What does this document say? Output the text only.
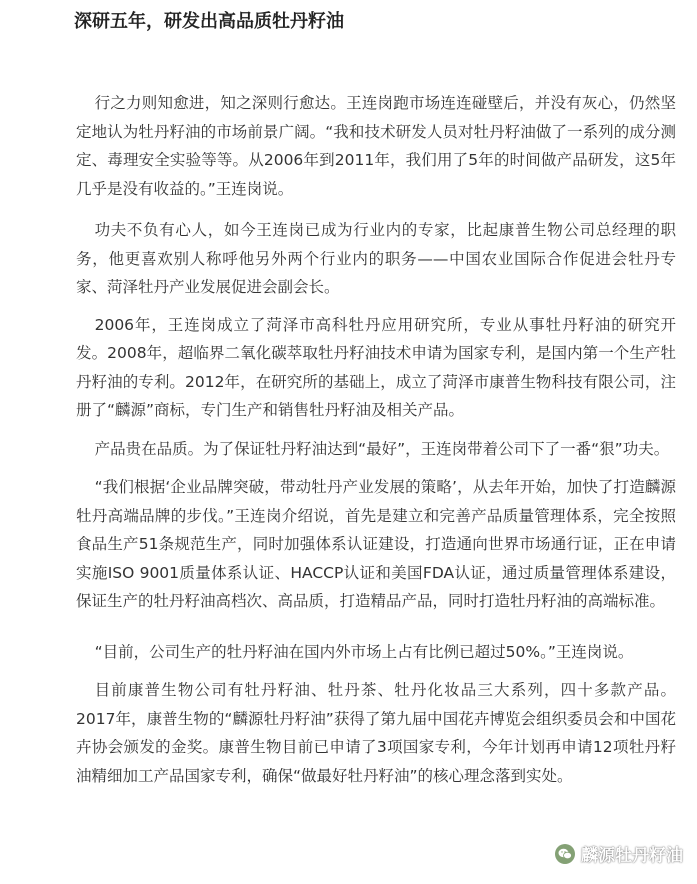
深研五年，研发出高品质牡丹籽油

行之力则知愈进，知之深则行愈达。王连岗跑市场连连碰壁后，并没有灰心，仍然坚定地认为牡丹籽油的市场前景广阔。“我和技术研发人员对牡丹籽油做了一系列的成分测定、毒理安全实验等等。从2006年到2011年，我们用了5年的时间做产品研发，这5年几乎是没有收益的。”王连岗说。

功夫不负有心人，如今王连岗已成为行业内的专家，比起康普生物公司总经理的职务，他更喜欢别人称呼他另外两个行业内的职务——中国农业国际合作促进会牡丹专家、菏泽牡丹产业发展促进会副会长。

2006年，王连岗成立了菏泽市高科牡丹应用研究所，专业从事牡丹籽油的研究开发。2008年，超临界二氧化碳萃取牡丹籽油技术申请为国家专利，是国内第一个生产牡丹籽油的专利。2012年，在研究所的基础上，成立了菏泽市康普生物科技有限公司，注册了“麟源”商标，专门生产和销售牡丹籽油及相关产品。

产品贵在品质。为了保证牡丹籽油达到“最好”，王连岗带着公司下了一番“狠”功夫。

“我们根据‘企业品牌突破，带动牡丹产业发展的策略’，从去年开始，加快了打造麟源牡丹高端品牌的步伐。”王连岗介绍说，首先是建立和完善产品质量管理体系，完全按照食品生产51条规范生产，同时加强体系认证建设，打造通向世界市场通行证，正在申请实施ISO 9001质量体系认证、HACCP认证和美国FDA认证，通过质量管理体系建设，保证生产的牡丹籽油高档次、高品质，打造精品产品，同时打造牡丹籽油的高端标准。

“目前，公司生产的牡丹籽油在国内外市场上占有比例已超过50%。”王连岗说。

目前康普生物公司有牡丹籽油、牡丹茶、牡丹化妆品三大系列，四十多款产品。2017年，康普生物的“麟源牡丹籽油”获得了第九届中国花卉博览会组织委员会和中国花卉协会颁发的金奖。康普生物目前已申请了3项国家专利，今年计划再申请12项牡丹籽油精细加工产品国家专利，确保“做最好牡丹籽油”的核心理念落到实处。

麟源牡丹籽油
